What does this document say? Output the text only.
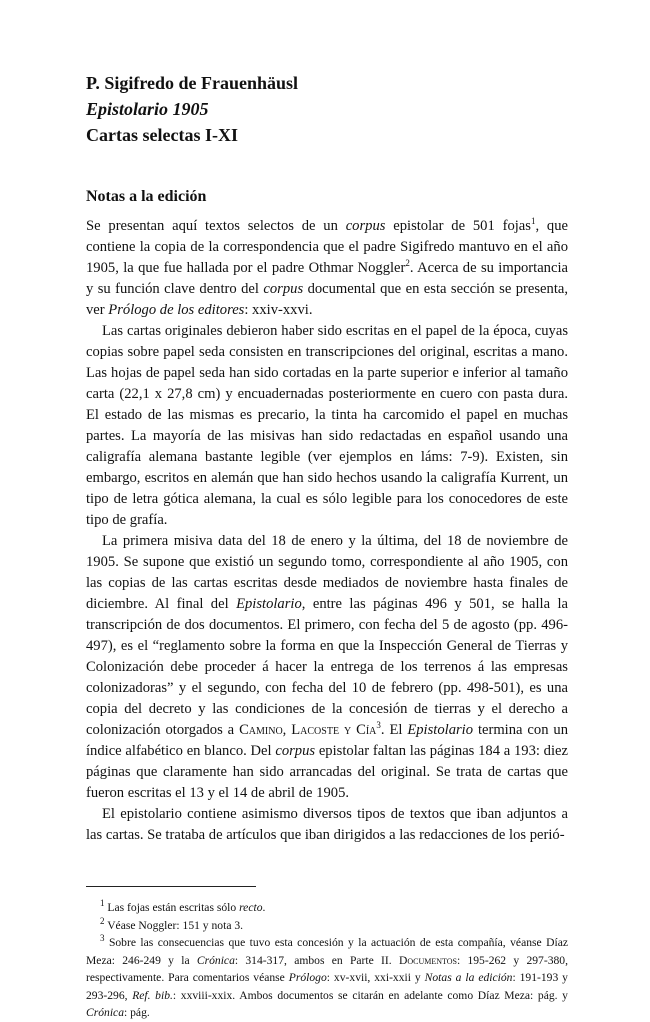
P. Sigifredo de Frauenhäusl
Epistolario 1905
Cartas selectas I-XI
Notas a la edición

Se presentan aquí textos selectos de un corpus epistolar de 501 fojas$^1$, que contiene la copia de la correspondencia que el padre Sigifredo mantuvo en el año 1905, la que fue hallada por el padre Othmar Noggler$^2$. Acerca de su importancia y su función clave dentro del corpus documental que en esta sección se presenta, ver Prólogo de los editores: xxiv-xxvi.

Las cartas originales debieron haber sido escritas en el papel de la época, cuyas copias sobre papel seda consisten en transcripciones del original, escritas a mano. Las hojas de papel seda han sido cortadas en la parte superior e inferior al tamaño carta (22,1 x 27,8 cm) y encuadernadas posteriormente en cuero con pasta dura. El estado de las mismas es precario, la tinta ha carcomido el papel en muchas partes. La mayoría de las misivas han sido redactadas en español usando una caligrafía alemana bastante legible (ver ejemplos en láms: 7-9). Existen, sin embargo, escritos en alemán que han sido hechos usando la caligrafía Kurrent, un tipo de letra gótica alemana, la cual es sólo legible para los conocedores de este tipo de grafía.

La primera misiva data del 18 de enero y la última, del 18 de noviembre de 1905. Se supone que existió un segundo tomo, correspondiente al año 1905, con las copias de las cartas escritas desde mediados de noviembre hasta finales de diciembre. Al final del Epistolario, entre las páginas 496 y 501, se halla la transcripción de dos documentos. El primero, con fecha del 5 de agosto (pp. 496-497), es el “reglamento sobre la forma en que la Inspección General de Tierras y Colonización debe proceder á hacer la entrega de los terrenos á las empresas colonizadoras” y el segundo, con fecha del 10 de febrero (pp. 498-501), es una copia del decreto y las condiciones de la concesión de tierras y el derecho a colonización otorgados a Camino, Lacoste y Cía$^3$. El Epistolario termina con un índice alfabético en blanco. Del corpus epistolar faltan las páginas 184 a 193: diez páginas que claramente han sido arrancadas del original. Se trata de cartas que fueron escritas el 13 y el 14 de abril de 1905.

El epistolario contiene asimismo diversos tipos de textos que iban adjuntos a las cartas. Se trataba de artículos que iban dirigidos a las redacciones de los perió-

$^1$ Las fojas están escritas sólo recto.

$^2$ Véase Noggler: 151 y nota 3.

$^3$ Sobre las consecuencias que tuvo esta concesión y la actuación de esta compañía, véanse Díaz Meza: 246-249 y la Crónica: 314-317, ambos en Parte II. Documentos: 195-262 y 297-380, respectivamente. Para comentarios véanse Prólogo: xv-xvii, xxi-xxii y Notas a la edición: 191-193 y 293-296, Ref. bib.: xxviii-xxix. Ambos documentos se citarán en adelante como Díaz Meza: pág. y Crónica: pág.
